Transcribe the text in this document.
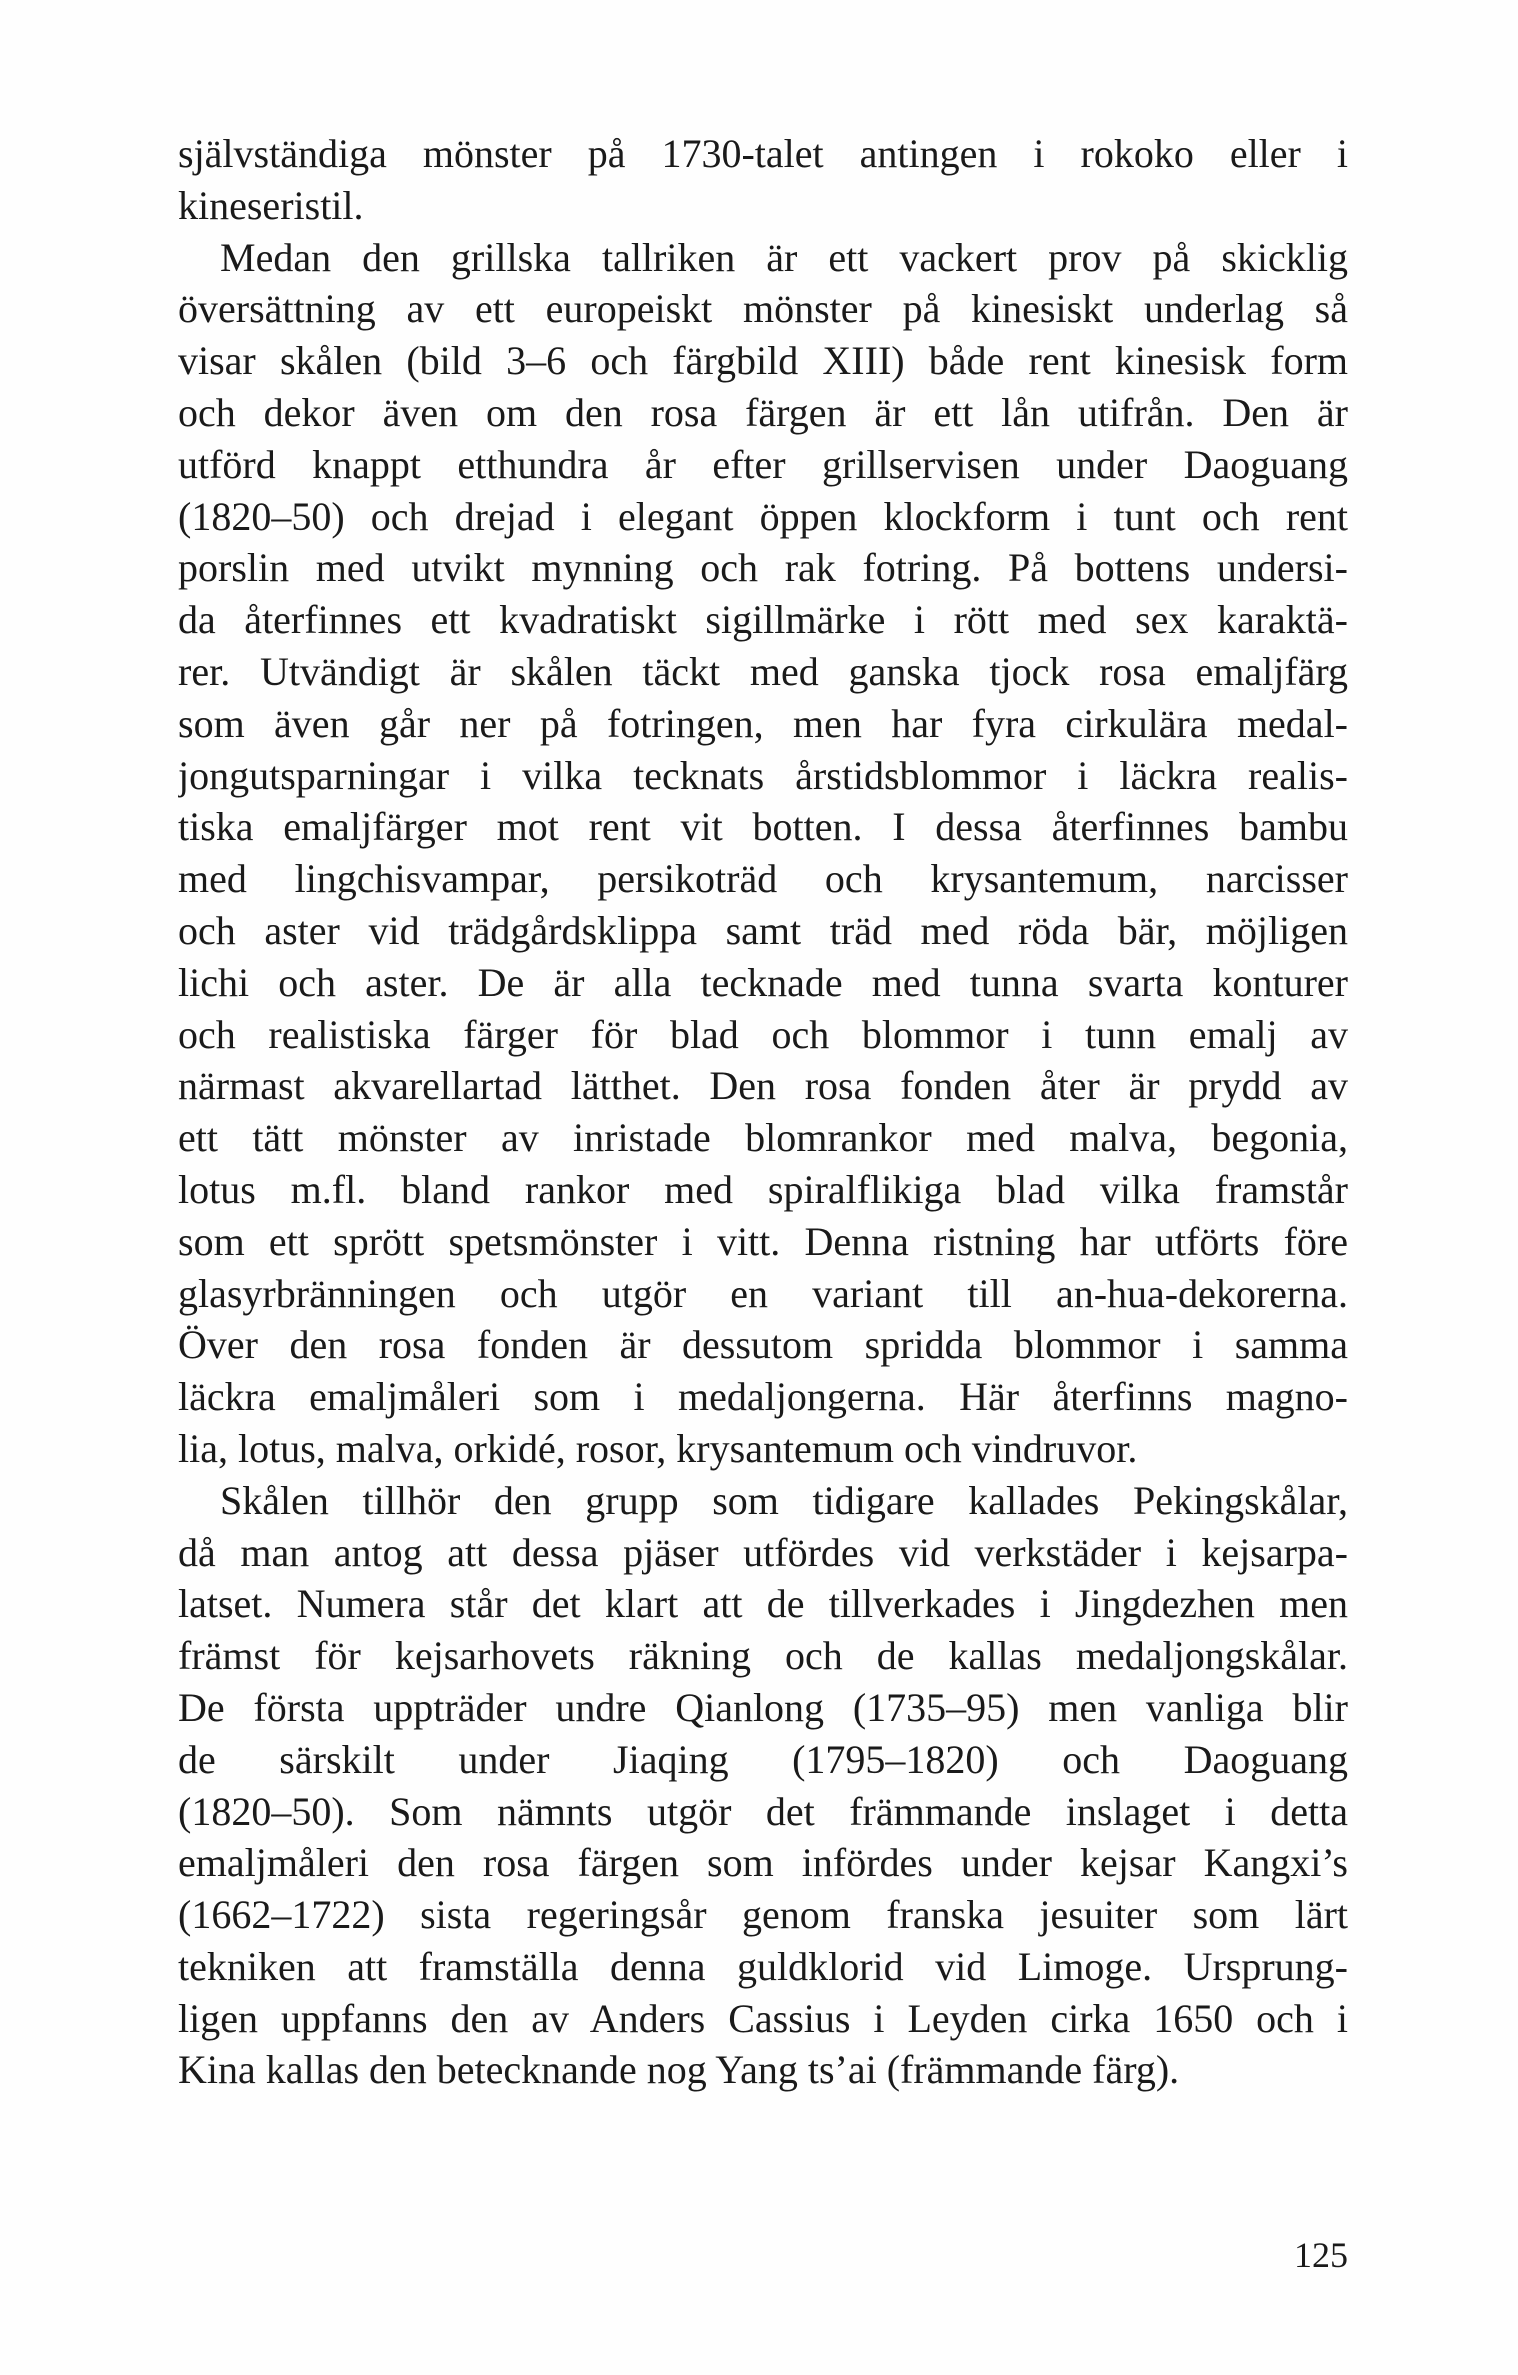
självständiga mönster på 1730-talet antingen i rokoko eller i
kineseristil.
Medan den grillska tallriken är ett vackert prov på skicklig
översättning av ett europeiskt mönster på kinesiskt underlag så
visar skålen (bild 3–6 och färgbild XIII) både rent kinesisk form
och dekor även om den rosa färgen är ett lån utifrån. Den är
utförd knappt etthundra år efter grillservisen under Daoguang
(1820–50) och drejad i elegant öppen klockform i tunt och rent
porslin med utvikt mynning och rak fotring. På bottens undersi-
da återfinnes ett kvadratiskt sigillmärke i rött med sex karaktä-
rer. Utvändigt är skålen täckt med ganska tjock rosa emaljfärg
som även går ner på fotringen, men har fyra cirkulära medal-
jongutsparningar i vilka tecknats årstidsblommor i läckra realis-
tiska emaljfärger mot rent vit botten. I dessa återfinnes bambu
med lingchisvampar, persikoträd och krysantemum, narcisser
och aster vid trädgårdsklippa samt träd med röda bär, möjligen
lichi och aster. De är alla tecknade med tunna svarta konturer
och realistiska färger för blad och blommor i tunn emalj av
närmast akvarellartad lätthet. Den rosa fonden åter är prydd av
ett tätt mönster av inristade blomrankor med malva, begonia,
lotus m.fl. bland rankor med spiralflikiga blad vilka framstår
som ett sprött spetsmönster i vitt. Denna ristning har utförts före
glasyrbränningen och utgör en variant till an-hua-dekorerna.
Över den rosa fonden är dessutom spridda blommor i samma
läckra emaljmåleri som i medaljongerna. Här återfinns magno-
lia, lotus, malva, orkidé, rosor, krysantemum och vindruvor.
Skålen tillhör den grupp som tidigare kallades Pekingskålar,
då man antog att dessa pjäser utfördes vid verkstäder i kejsarpa-
latset. Numera står det klart att de tillverkades i Jingdezhen men
främst för kejsarhovets räkning och de kallas medaljongskålar.
De första uppträder undre Qianlong (1735–95) men vanliga blir
de särskilt under Jiaqing (1795–1820) och Daoguang
(1820–50). Som nämnts utgör det främmande inslaget i detta
emaljmåleri den rosa färgen som infördes under kejsar Kangxi’s
(1662–1722) sista regeringsår genom franska jesuiter som lärt
tekniken att framställa denna guldklorid vid Limoge. Ursprung-
ligen uppfanns den av Anders Cassius i Leyden cirka 1650 och i
Kina kallas den betecknande nog Yang ts’ai (främmande färg).
125
